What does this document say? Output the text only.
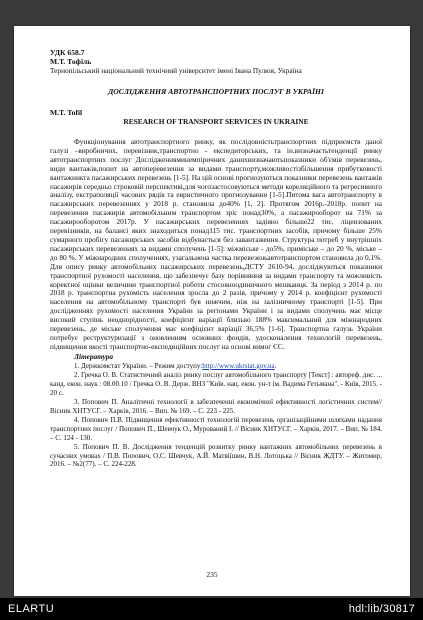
УДК 658.7

М.Т. Тофіль

Тернопільський національний технічний університет імені Івана Пулюя, Україна

ДОСЛІДЖЕННЯ АВТОТРАНСПОРТНИХ ПОСЛУГ В УКРАЇНІ

M.T. Tofil

RESEARCH OF TRANSPORT SERVICES IN UKRAINE

Функціонування автотранспортного ринку, як послідовністьтранспортних підприємств даної галузі –виробничих, перевізник,транспортно - експедиторських, та ін.визначаєтьтенденції ринку автотранспортних послуг Дослідженняминемпіричних данихвизначаютьпоказники об'ємів перевезень, види вантажів,попит на автоперевезення за видами транспорту,можливостізбільшення прибутковості вантажникта пасажирських перевезень [1-5]. На цій основі прогнозуються показники перевезень вантажів пасажирів середньо строковій перспективі,для чогозастосовуються методи кореляційного та регресивного аналізу, екстраполяції часових рядів та евристичного прогнозування [1-5].Питома вага автотранспорту в пасажирських перевезеннях у 2018 р. становила до40% [1, 2]. Протягом 2016р.-2018р. попит на перевезення пасажирів автомобільним транспортом зріс понад30%, а пасажирооборот на 71% за пасажирооборотом 2017р. У пасажирських перевезеннях задіяно більше22 тис. ліцензованих перевізників, на балансі яких знаходиться понад115 тис. транспортних засобів, причому більше 25% сумарного пробігу пасажирських засобів відбувається без завантаження. Структура потреб у внутрішніх пасажирських перевезеннях за видами сполучень [1-5]: міжміське - до5%, приміське – до 20 %, міське – до 80 %. У міжнародних сполученнях, узагальнена частка перевезеньавтотранспортом становила до 0,1%. Для опису ринку автомобільних пасажирських перевезень,ДСТУ 2610-94, досліджуються показники транспортної рухомості населення, що забезпечує базу порівняння за видами транспорту та можливість коректної оцінки величини транспортної роботи стосовноодиничного мешканця. За період з 2014 р. по 2018 р. транспортна рухомість населення зросла до 2 разів, причому у 2014 р. коефіцієнт рухомості населення на автомобільному транспорті був нижчим, ніж на залізничному транспорті [1-5]. При дослідженнях рухомості населення України за регіонами України і за видами сполучень має місце високий ступінь неоднорідності, коефіцієнт варіації близько 188% максимальний для міжнародних перевезень, де міське сполучення має коефіцієнт варіації 36,5% [1-6]. Транспортна галузь України потребує реструктуризації з оновленням основних фондів, удосконалення технологій перевезень, підвищення якості транспортно-експедиційних послуг на основі вимог ЄС.

Література

1. Держкомстат України. – Режим доступу:http://www.ukrstat.gov.ua.
2. Гречка О. В. Статистичний аналіз ринку послуг автомобільного транспорту [Текст] : автореф. дис. ... канд. екон. наук : 08.00.10 / Гречка О. В. Держ. ВНЗ "Київ. нац. екон. ун-т ім. Вадима Гетьмана". - Київ, 2015. - 20 с.
3. Попович П. Аналітичні технології в забезпеченні економічної ефективності логістичних систем// Вісник ХНТУСГ. – Харків, 2016. – Вип. № 169. – С. 223 - 225.
4. Попович П.В. Підвищення ефективності технологій перевезень організаційними шляхами надання транспортних послуг / Попович П., Шевчук О., Мурований І. // Вісник ХНТУСГ. – Харків, 2017. – Вип. № 184. – С. 124 - 130.
5. Попович П. В. Дослідження тенденцій розвитку ринку вантажних автомобільних перевезень в сучасних умовах / П.В. Попович, О.С. Шевчук, А.Й. Матвіїшин, В.Н. Лотоцька // Вісник ЖДТУ. – Житомир, 2016. – №2(77). – С. 224-228.
235
ELARTU	hdl:lib/30817
